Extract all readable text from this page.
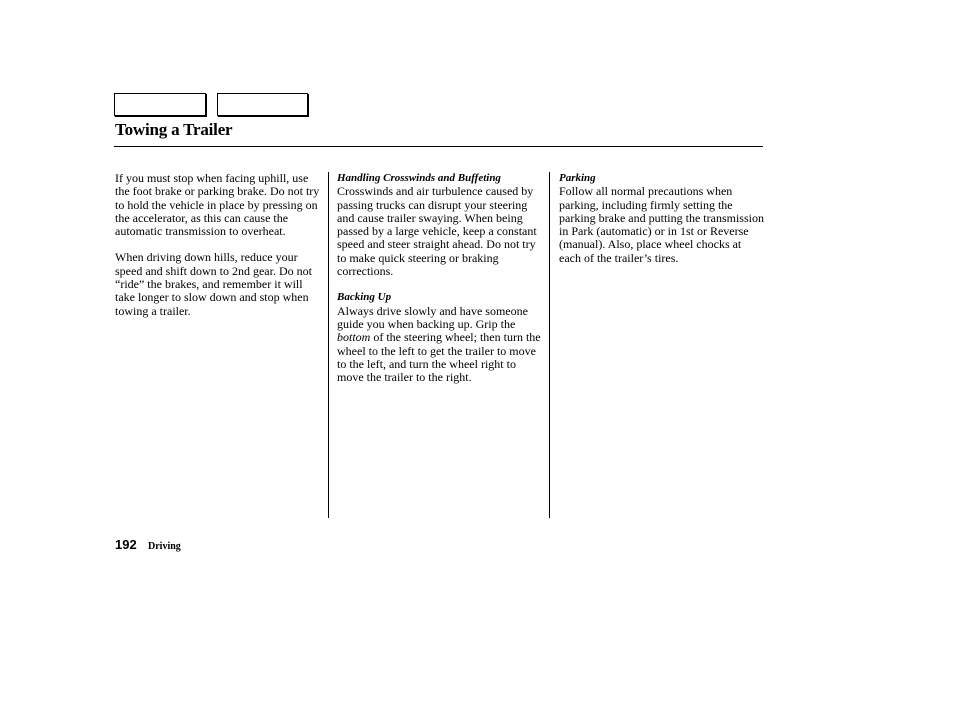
Towing a Trailer

If you must stop when facing uphill, use the foot brake or parking brake. Do not try to hold the vehicle in place by pressing on the accelerator, as this can cause the automatic transmission to overheat.

When driving down hills, reduce your speed and shift down to 2nd gear. Do not “ride” the brakes, and remember it will take longer to slow down and stop when towing a trailer.

Handling Crosswinds and Buffeting

Crosswinds and air turbulence caused by passing trucks can disrupt your steering and cause trailer swaying. When being passed by a large vehicle, keep a constant speed and steer straight ahead. Do not try to make quick steering or braking corrections.

Backing Up

Always drive slowly and have someone guide you when backing up. Grip the bottom of the steering wheel; then turn the wheel to the left to get the trailer to move to the left, and turn the wheel right to move the trailer to the right.

Parking

Follow all normal precautions when parking, including firmly setting the parking brake and putting the transmission in Park (automatic) or in 1st or Reverse (manual). Also, place wheel chocks at each of the trailer’s tires.

192 Driving
